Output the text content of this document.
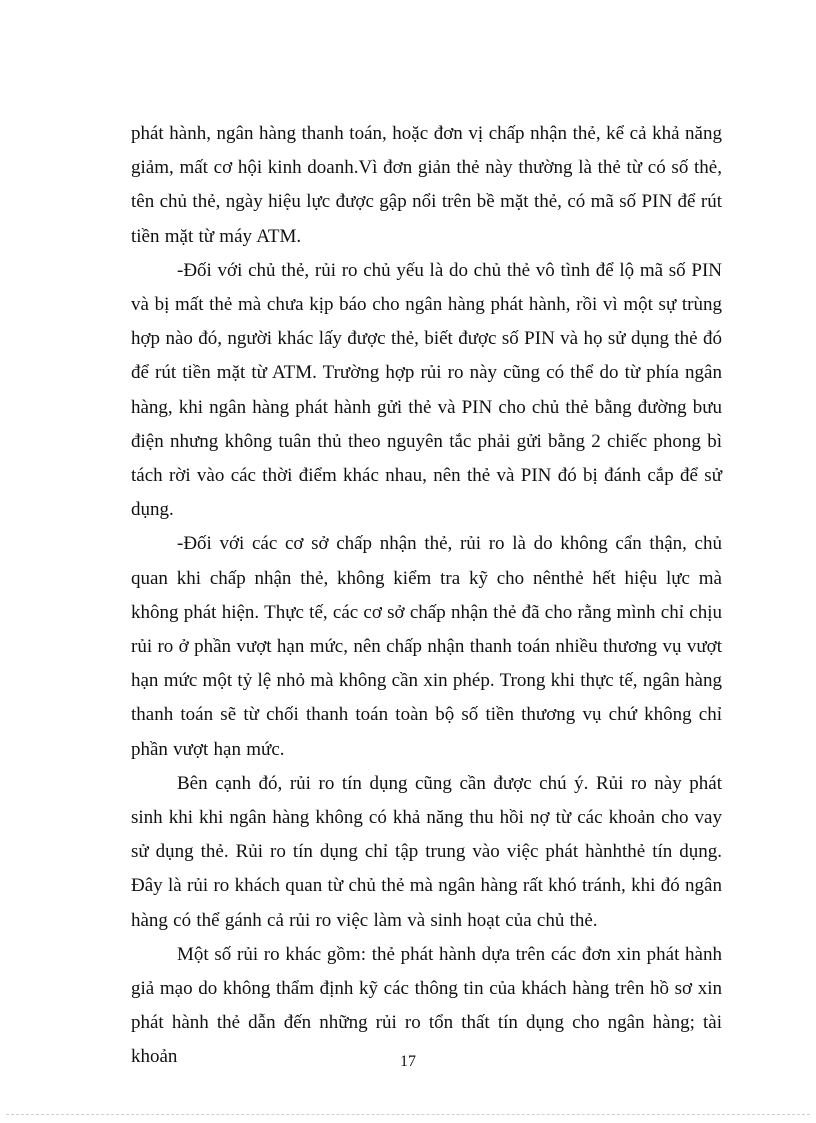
phát hành, ngân hàng thanh toán, hoặc đơn vị chấp nhận thẻ, kể cả khả năng giảm, mất cơ hội kinh doanh.Vì đơn giản thẻ này thường là thẻ từ có số thẻ, tên chủ thẻ, ngày hiệu lực được gập nổi trên bề mặt thẻ, có mã số PIN để rút tiền mặt từ máy ATM.

-Đối với chủ thẻ, rủi ro chủ yếu là do chủ thẻ vô tình để lộ mã số PIN và bị mất thẻ mà chưa kịp báo cho ngân hàng phát hành, rồi vì một sự trùng hợp nào đó, người khác lấy được thẻ, biết được số PIN và họ sử dụng thẻ đó để rút tiền mặt từ ATM. Trường hợp rủi ro này cũng có thể do từ phía ngân hàng, khi ngân hàng phát hành gửi thẻ và PIN cho chủ thẻ bằng đường bưu điện nhưng không tuân thủ theo nguyên tắc phải gửi bằng 2 chiếc phong bì tách rời vào các thời điểm khác nhau, nên thẻ và PIN đó bị đánh cắp để sử dụng.

-Đối với các cơ sở chấp nhận thẻ, rủi ro là do không cẩn thận, chủ quan khi chấp nhận thẻ, không kiểm tra kỹ cho nênthẻ hết hiệu lực mà không phát hiện. Thực tế, các cơ sở chấp nhận thẻ đã cho rằng mình chỉ chịu rủi ro ở phần vượt hạn mức, nên chấp nhận thanh toán nhiều thương vụ vượt hạn mức một tỷ lệ nhỏ mà không cần xin phép. Trong khi thực tế, ngân hàng thanh toán sẽ từ chối thanh toán toàn bộ số tiền thương vụ chứ không chỉ phần vượt hạn mức.

Bên cạnh đó, rủi ro tín dụng cũng cần được chú ý. Rủi ro này phát sinh khi khi ngân hàng không có khả năng thu hồi nợ từ các khoản cho vay sử dụng thẻ. Rủi ro tín dụng chỉ tập trung vào việc phát hànhthẻ tín dụng. Đây là rủi ro khách quan từ chủ thẻ mà ngân hàng rất khó tránh, khi đó ngân hàng có thể gánh cả rủi ro việc làm và sinh hoạt của chủ thẻ.

Một số rủi ro khác gồm: thẻ phát hành dựa trên các đơn xin phát hành giả mạo do không thẩm định kỹ các thông tin của khách hàng trên hồ sơ xin phát hành thẻ dẫn đến những rủi ro tổn thất tín dụng cho ngân hàng; tài khoản	17
